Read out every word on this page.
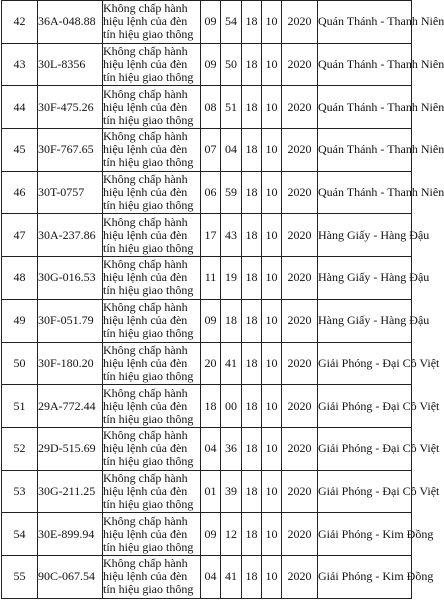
42	36A-048.88	Không chấp hành
hiệu lệnh của đèn
tín hiệu giao thông	09	54	18	10	2020	Quán Thánh - Thanh Niên
43	30L-8356	Không chấp hành
hiệu lệnh của đèn
tín hiệu giao thông	09	50	18	10	2020	Quán Thánh - Thanh Niên
44	30F-475.26	Không chấp hành
hiệu lệnh của đèn
tín hiệu giao thông	08	51	18	10	2020	Quán Thánh - Thanh Niên
45	30F-767.65	Không chấp hành
hiệu lệnh của đèn
tín hiệu giao thông	07	04	18	10	2020	Quán Thánh - Thanh Niên
46	30T-0757	Không chấp hành
hiệu lệnh của đèn
tín hiệu giao thông	06	59	18	10	2020	Quán Thánh - Thanh Niên
47	30A-237.86	Không chấp hành
hiệu lệnh của đèn
tín hiệu giao thông	17	43	18	10	2020	Hàng Giấy - Hàng Đậu
48	30G-016.53	Không chấp hành
hiệu lệnh của đèn
tín hiệu giao thông	11	19	18	10	2020	Hàng Giấy - Hàng Đậu
49	30F-051.79	Không chấp hành
hiệu lệnh của đèn
tín hiệu giao thông	09	18	18	10	2020	Hàng Giấy - Hàng Đậu
50	30F-180.20	Không chấp hành
hiệu lệnh của đèn
tín hiệu giao thông	20	41	18	10	2020	Giải Phóng - Đại Cồ Việt
51	29A-772.44	Không chấp hành
hiệu lệnh của đèn
tín hiệu giao thông	18	00	18	10	2020	Giải Phóng - Đại Cồ Việt
52	29D-515.69	Không chấp hành
hiệu lệnh của đèn
tín hiệu giao thông	04	36	18	10	2020	Giải Phóng - Đại Cồ Việt
53	30G-211.25	Không chấp hành
hiệu lệnh của đèn
tín hiệu giao thông	01	39	18	10	2020	Giải Phóng - Đại Cồ Việt
54	30E-899.94	Không chấp hành
hiệu lệnh của đèn
tín hiệu giao thông	09	12	18	10	2020	Giải Phóng - Kim Đồng
55	90C-067.54	Không chấp hành
hiệu lệnh của đèn
tín hiệu giao thông	04	41	18	10	2020	Giải Phóng - Kim Đồng
